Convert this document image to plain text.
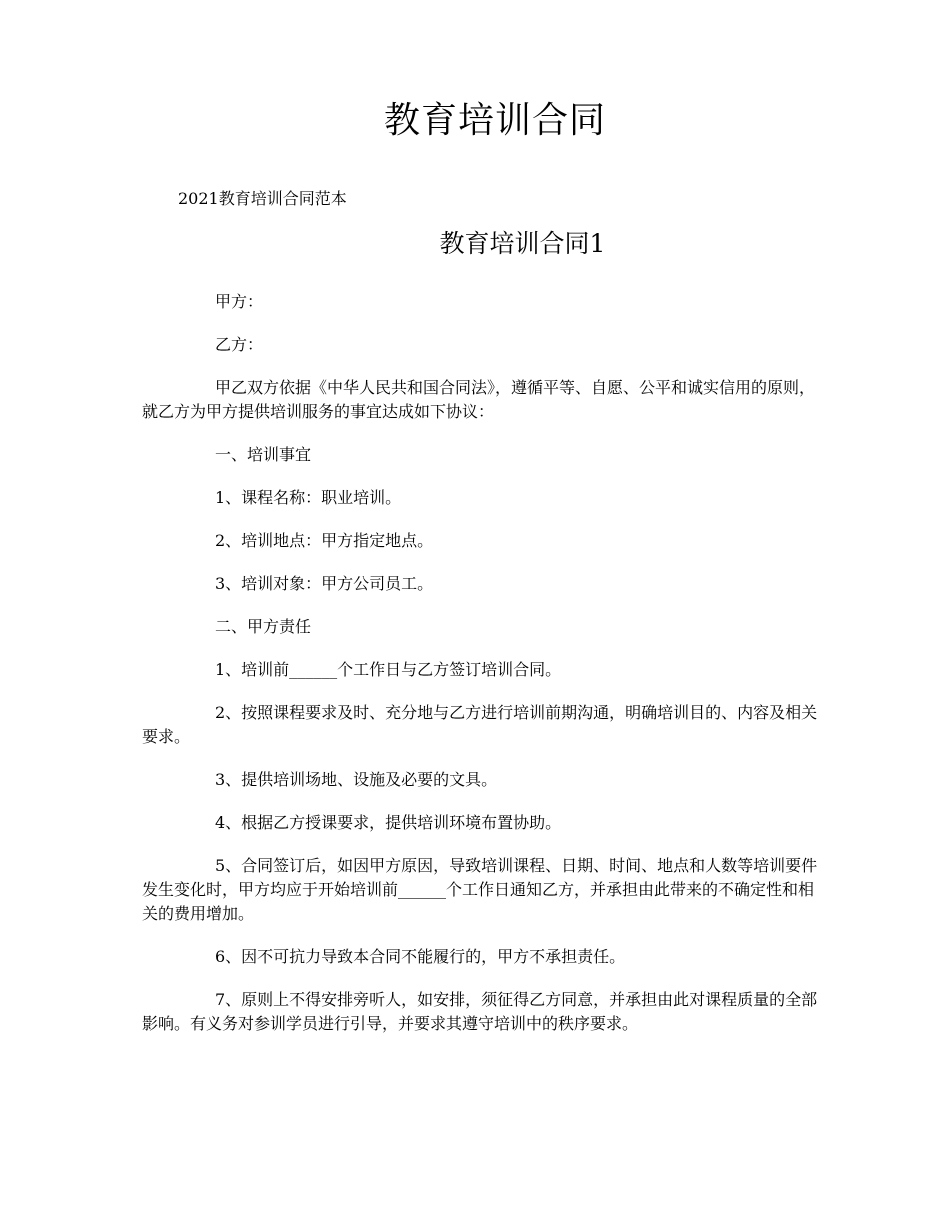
教育培训合同

2021教育培训合同范本

教育培训合同1

甲方：

乙方：

甲乙双方依据《中华人民共和国合同法》，遵循平等、自愿、公平和诚实信用的原则，就乙方为甲方提供培训服务的事宜达成如下协议：

一、培训事宜

1、课程名称：职业培训。

2、培训地点：甲方指定地点。

3、培训对象：甲方公司员工。

二、甲方责任

1、培训前______个工作日与乙方签订培训合同。

2、按照课程要求及时、充分地与乙方进行培训前期沟通，明确培训目的、内容及相关要求。

3、提供培训场地、设施及必要的文具。

4、根据乙方授课要求，提供培训环境布置协助。

5、合同签订后，如因甲方原因，导致培训课程、日期、时间、地点和人数等培训要件发生变化时，甲方均应于开始培训前______个工作日通知乙方，并承担由此带来的不确定性和相关的费用增加。

6、因不可抗力导致本合同不能履行的，甲方不承担责任。

7、原则上不得安排旁听人，如安排，须征得乙方同意，并承担由此对课程质量的全部影响。有义务对参训学员进行引导，并要求其遵守培训中的秩序要求。
